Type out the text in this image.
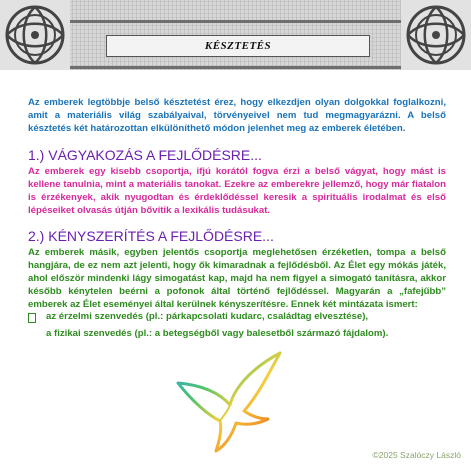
KÉSZTETÉS

Az emberek legtöbbje belső késztetést érez, hogy elkezdjen olyan dolgokkal foglalkozni, amit a materiális világ szabályaival, törvényeivel nem tud megmagyarázni. A belső késztetés két határozottan elkülöníthető módon jelenhet meg az emberek életében.

1.) VÁGYAKOZÁS A FEJLŐDÉSRE...

Az emberek egy kisebb csoportja, ifjú korától fogva érzi a belső vágyat, hogy mást is kellene tanulnia, mint a materiális tanokat. Ezekre az emberekre jellemző, hogy már fiatalon is érzékenyek, akik nyugodtan és érdeklődéssel keresik a spirituális irodalmat és első lépéseiket olvasás útján bővítik a lexikális tudásukat.

2.) KÉNYSZERÍTÉS A FEJLŐDÉSRE...

Az emberek másik, egyben jelentős csoportja meglehetősen érzéketlen, tompa a belső hangjára, de ez nem azt jelenti, hogy ők kimaradnak a fejlődésből. Az Élet egy mókás játék, ahol először mindenki lágy simogatást kap, majd ha nem figyel a simogató tanításra, akkor később kénytelen beérni a pofonok által történő fejlődéssel. Magyarán a „fafejűbb” emberek az Élet eseményei által kerülnek kényszerítésre. Ennek két mintázata ismert:

az érzelmi szenvedés (pl.: párkapcsolati kudarc, családtag elvesztése),
a fizikai szenvedés (pl.: a betegségből vagy balesetből származó fájdalom).
©2025 Szalóczy László
